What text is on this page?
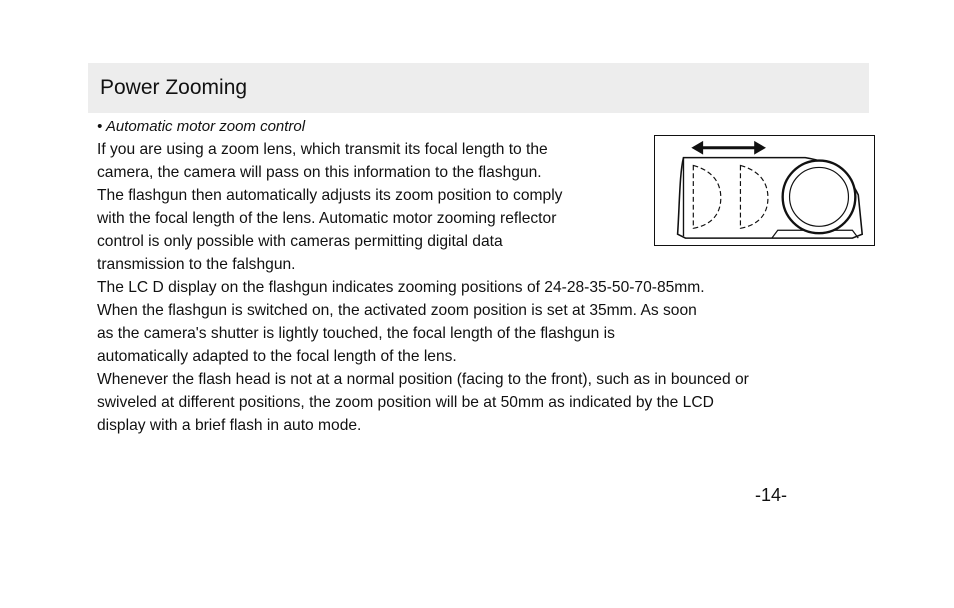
Power Zooming
• Automatic motor zoom control
If you are using a zoom lens, which transmit its focal length to the
camera, the camera will pass on this information to the flashgun.
The flashgun then automatically adjusts its zoom position to comply
with the focal length of the lens. Automatic motor zooming reflector
control is only possible with cameras permitting digital data
transmission to the falshgun.
The LC D display on the flashgun indicates zooming positions of 24-28-35-50-70-85mm.
When the flashgun is switched on, the activated zoom position is set at 35mm. As soon
as the camera's shutter is lightly touched, the focal length of the flashgun is
automatically adapted to the focal length of the lens.
Whenever the flash head is not at a normal position (facing to the front), such as in bounced or
swiveled at different positions, the zoom position will be at 50mm as indicated by the LCD
display with a brief flash in auto mode.
-14-
